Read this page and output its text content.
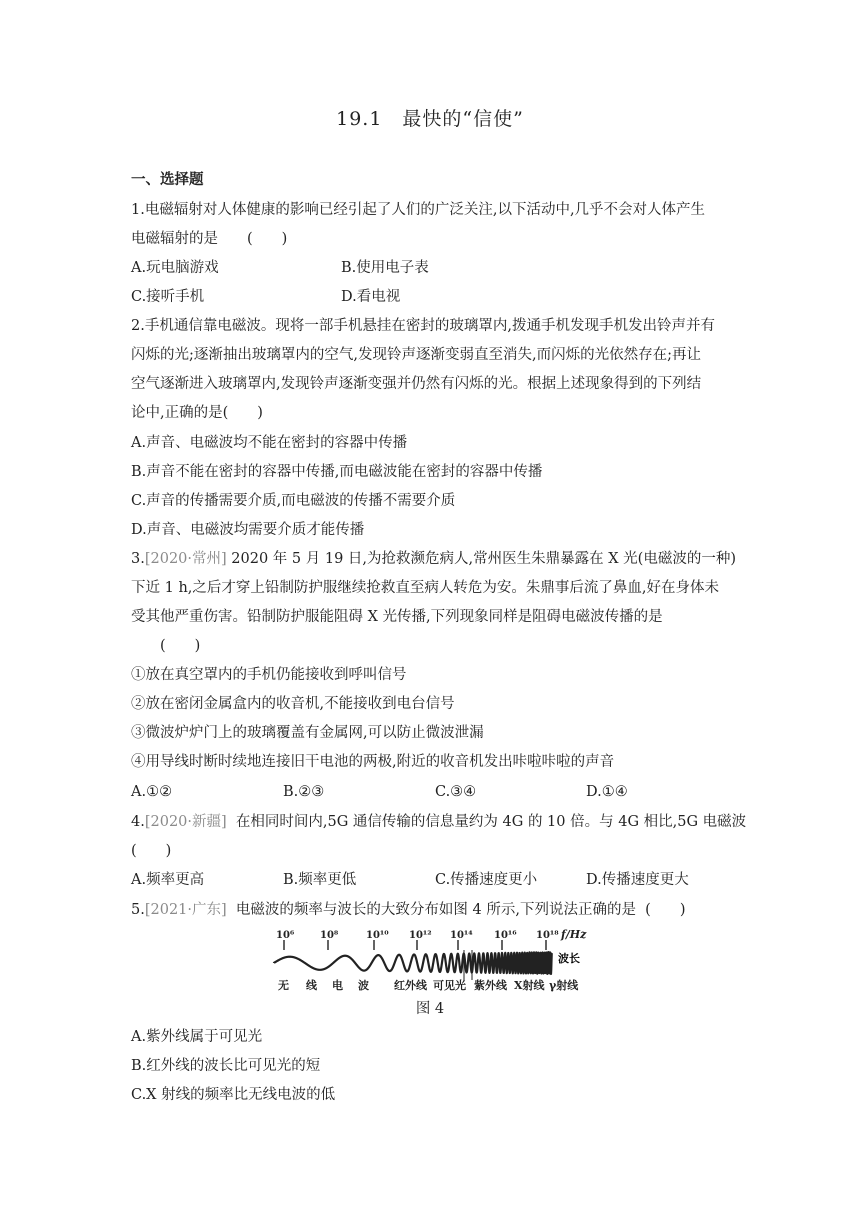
19.1　最快的“信使”
一、选择题
1.电磁辐射对人体健康的影响已经引起了人们的广泛关注,以下活动中,几乎不会对人体产生
电磁辐射的是　　(　　)
A.玩电脑游戏	B.使用电子表
C.接听手机	D.看电视
2.手机通信靠电磁波。现将一部手机悬挂在密封的玻璃罩内,拨通手机发现手机发出铃声并有
闪烁的光;逐渐抽出玻璃罩内的空气,发现铃声逐渐变弱直至消失,而闪烁的光依然存在;再让
空气逐渐进入玻璃罩内,发现铃声逐渐变强并仍然有闪烁的光。根据上述现象得到的下列结
论中,正确的是(　　)
A.声音、电磁波均不能在密封的容器中传播
B.声音不能在密封的容器中传播,而电磁波能在密封的容器中传播
C.声音的传播需要介质,而电磁波的传播不需要介质
D.声音、电磁波均需要介质才能传播
3.[2020·常州] 2020 年 5 月 19 日,为抢救濒危病人,常州医生朱鼎暴露在 X 光(电磁波的一种)
下近 1 h,之后才穿上铅制防护服继续抢救直至病人转危为安。朱鼎事后流了鼻血,好在身体未
受其他严重伤害。铅制防护服能阻碍 X 光传播,下列现象同样是阻碍电磁波传播的是
　　(　　)
①放在真空罩内的手机仍能接收到呼叫信号
②放在密闭金属盒内的收音机,不能接收到电台信号
③微波炉炉门上的玻璃覆盖有金属网,可以防止微波泄漏
④用导线时断时续地连接旧干电池的两极,附近的收音机发出咔啦咔啦的声音
A.①②	B.②③	C.③④	D.①④
4.[2020·新疆]  在相同时间内,5G 通信传输的信息量约为 4G 的 10 倍。与 4G 相比,5G 电磁波
(　　)
A.频率更高	B.频率更低	C.传播速度更小	D.传播速度更大
5.[2021·广东]  电磁波的频率与波长的大致分布如图 4 所示,下列说法正确的是  (　　)
10⁶	10⁸	10¹⁰ 10¹² 10¹⁴ 10¹⁶ 10¹⁸ f/Hz
波长
无 线 电 波 红外线 可见光 紫外线 X射线 γ射线
图 4
A.紫外线属于可见光
B.红外线的波长比可见光的短
C.X 射线的频率比无线电波的低
